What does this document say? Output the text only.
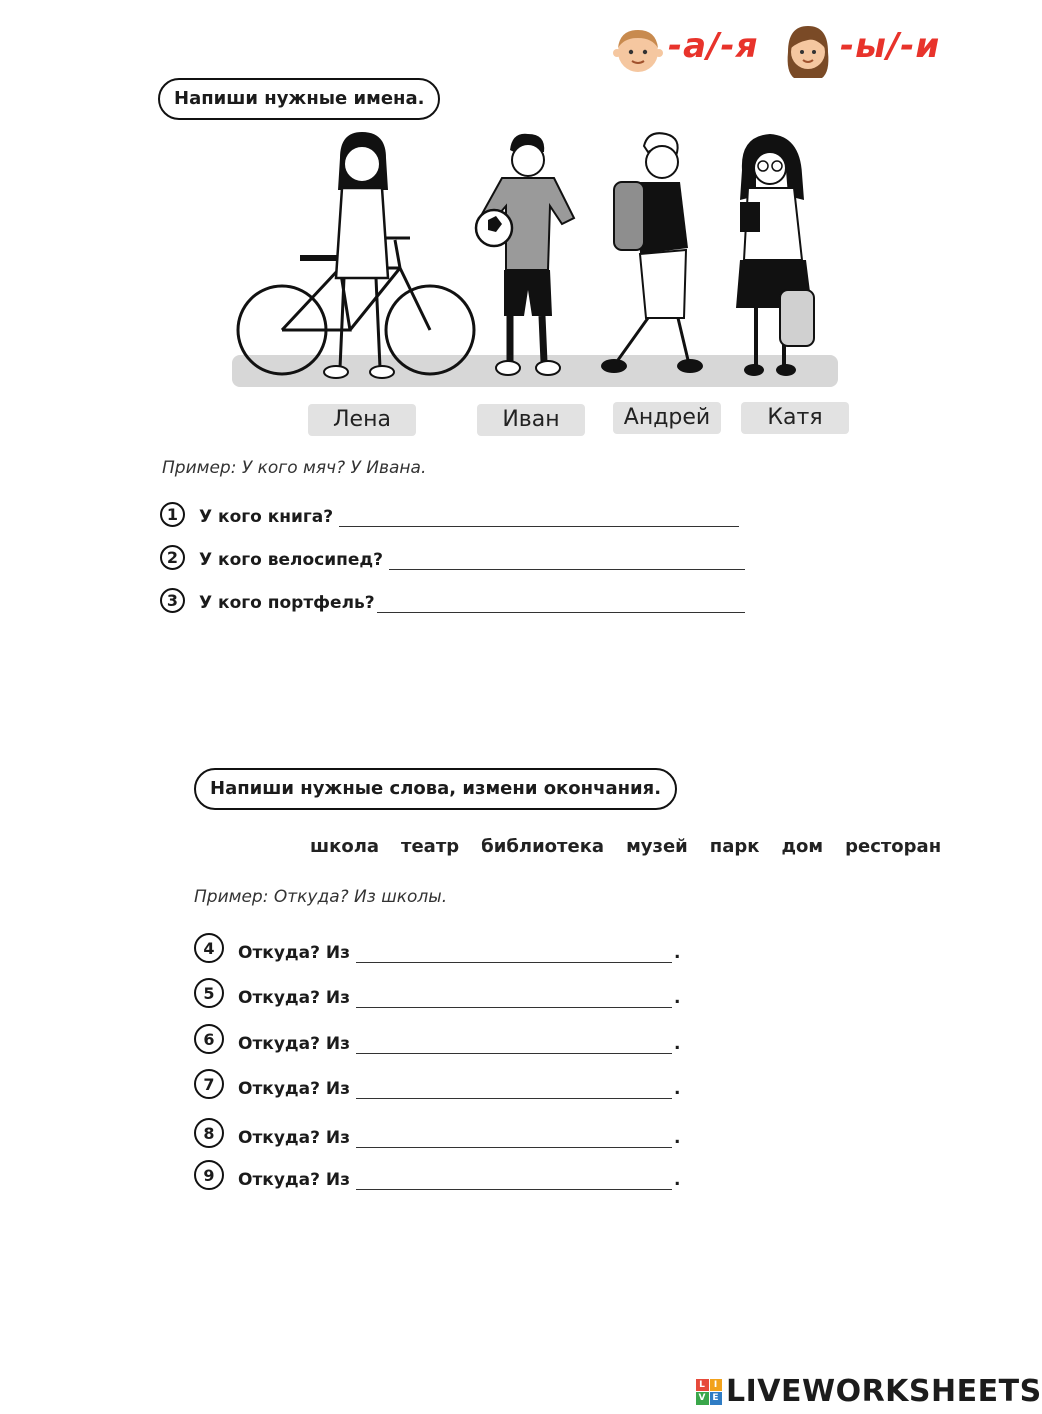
-а/-я -ы/-и
Напиши нужные имена.
Лена	Иван	Андрей	Катя
Пример: У кого мяч? У Ивана.
1	У кого книга?
2	У кого велосипед?
3	У кого портфель?
Напиши нужные слова, измени окончания.
школа театр библиотека музей парк дом ресторан
Пример: Откуда? Из школы.
4	Откуда? Из	.
5	Откуда? Из	.
6	Откуда? Из	.
7	Откуда? Из	.
8	Откуда? Из	.
9	Откуда? Из	.
L I
V E LIVEWORKSHEETS
